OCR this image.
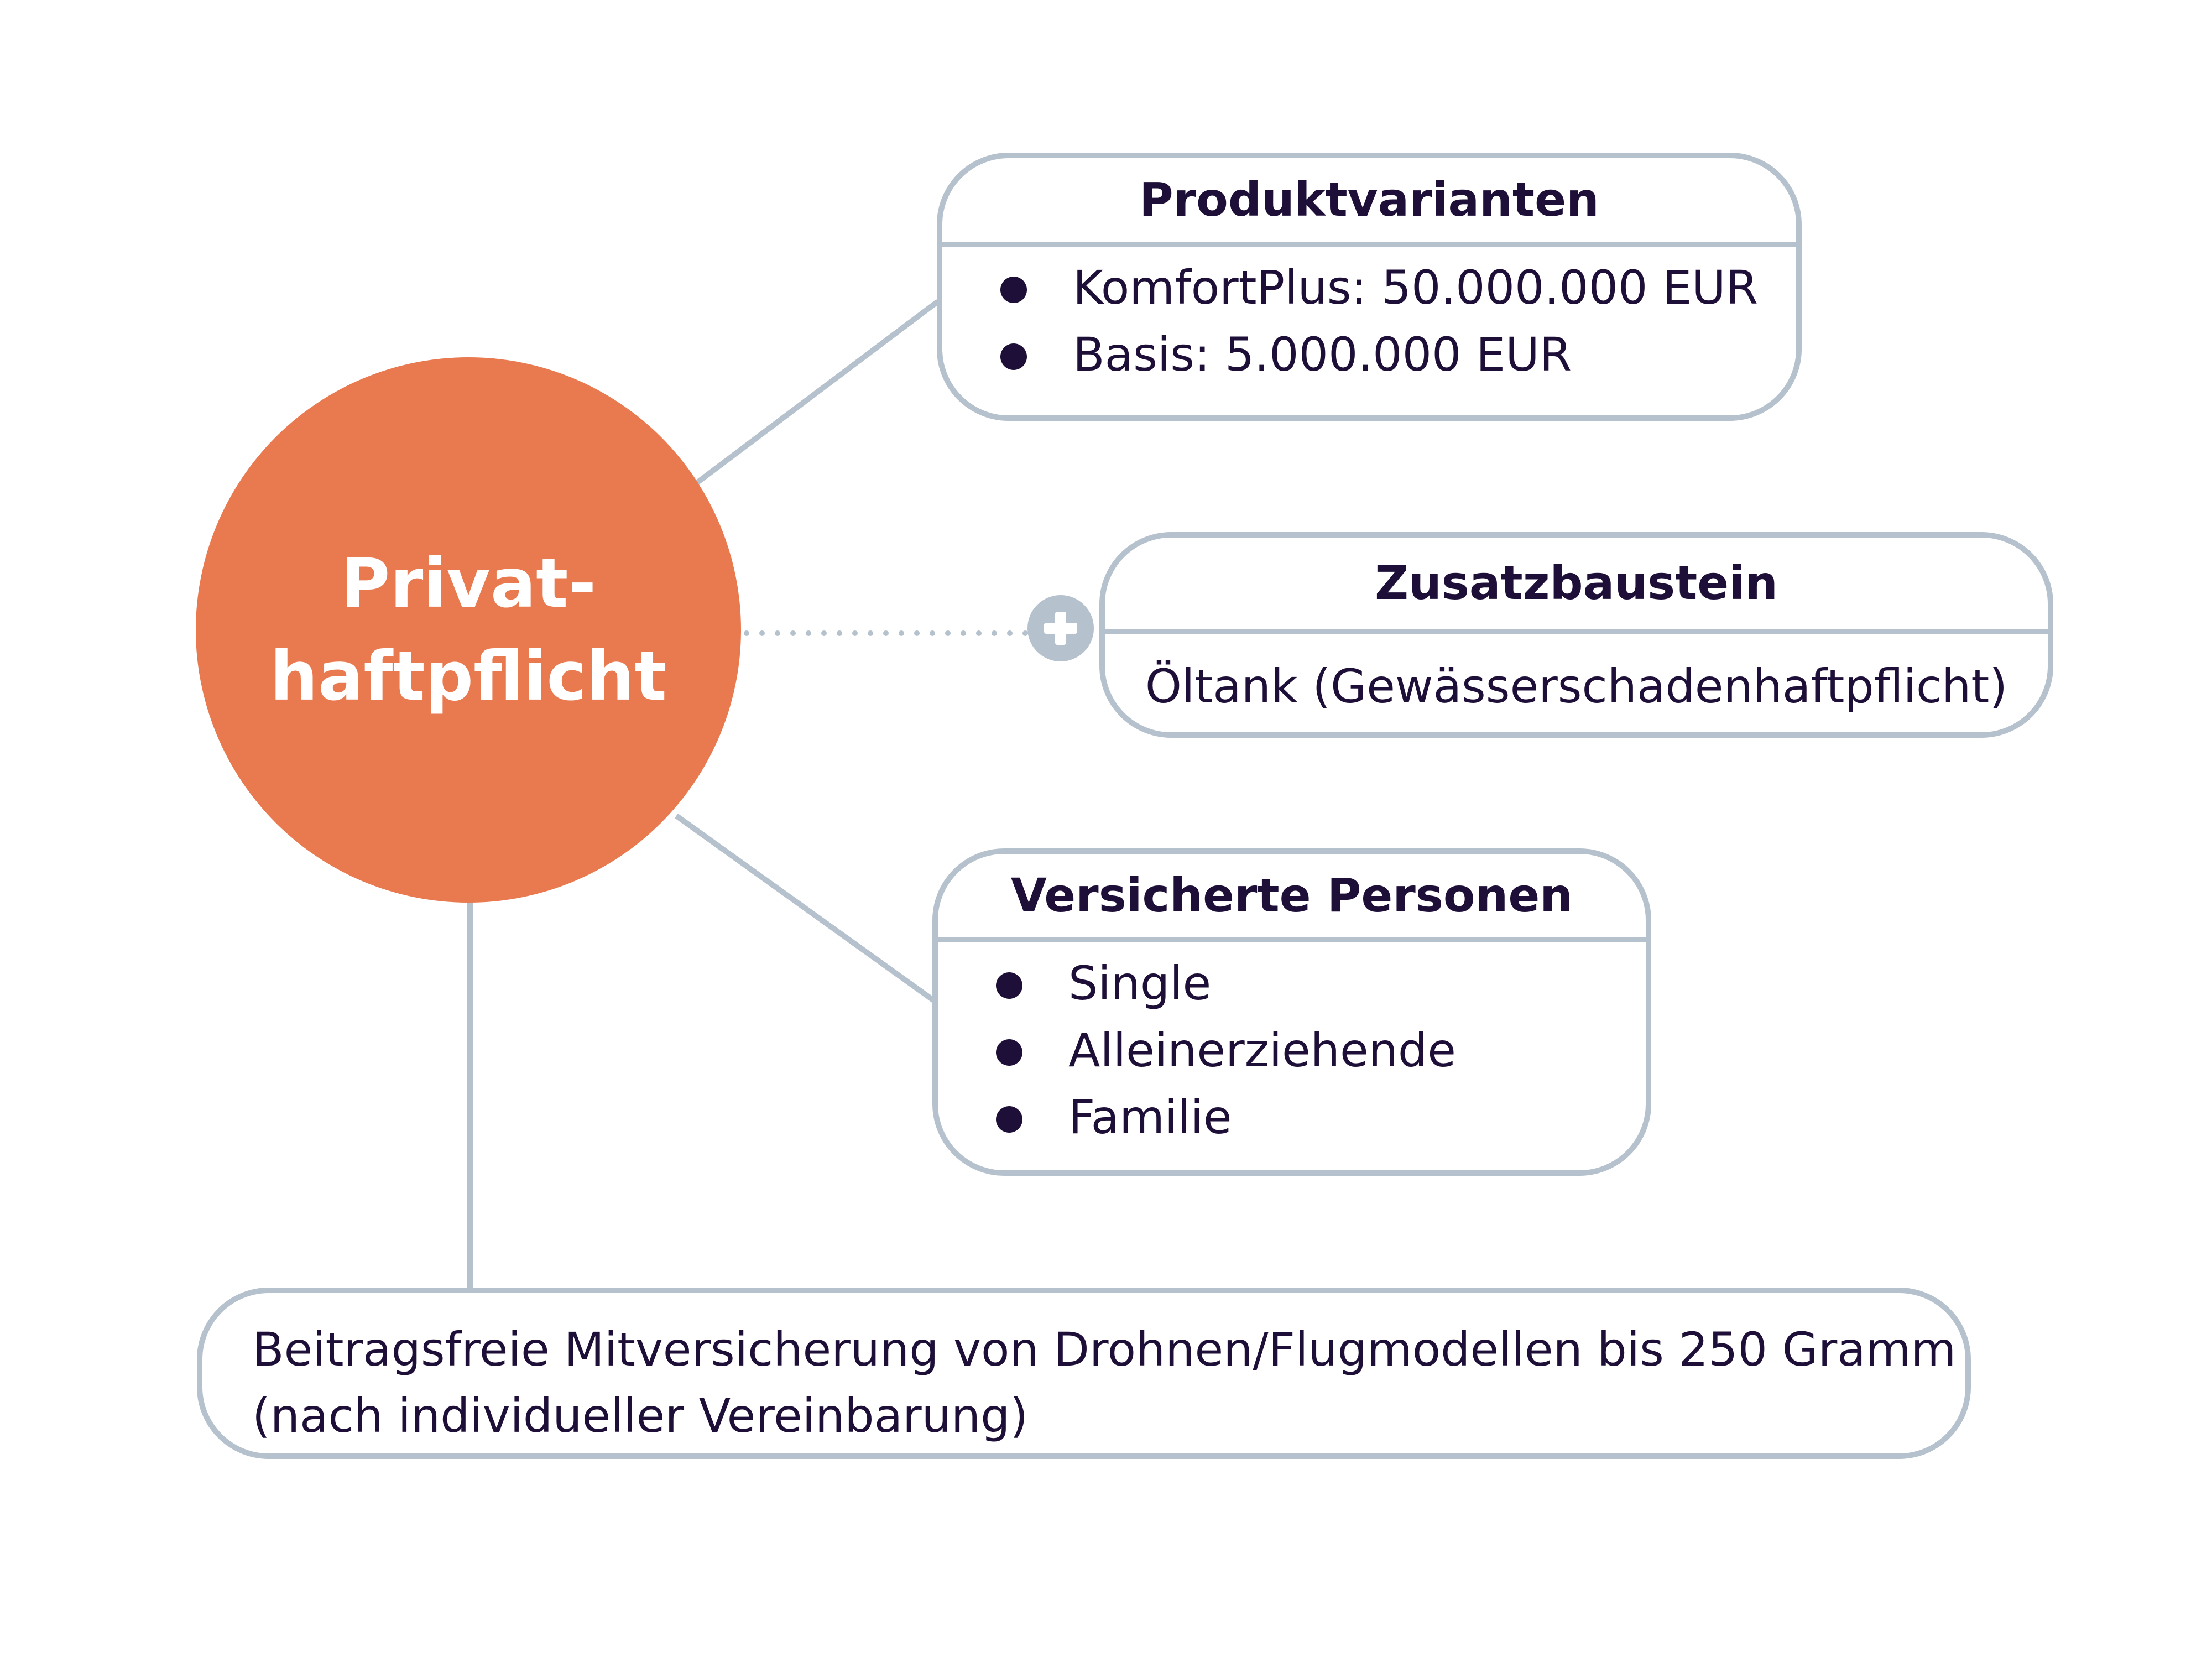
Privat-
haftpflicht
Produktvarianten
KomfortPlus: 50.000.000 EUR
Basis: 5.000.000 EUR
Zusatzbaustein
Öltank (Gewässerschadenhaftpflicht)
Versicherte Personen
Single
Alleinerziehende
Familie
Beitragsfreie Mitversicherung von Drohnen/Flugmodellen bis 250 Gramm
(nach individueller Vereinbarung)
